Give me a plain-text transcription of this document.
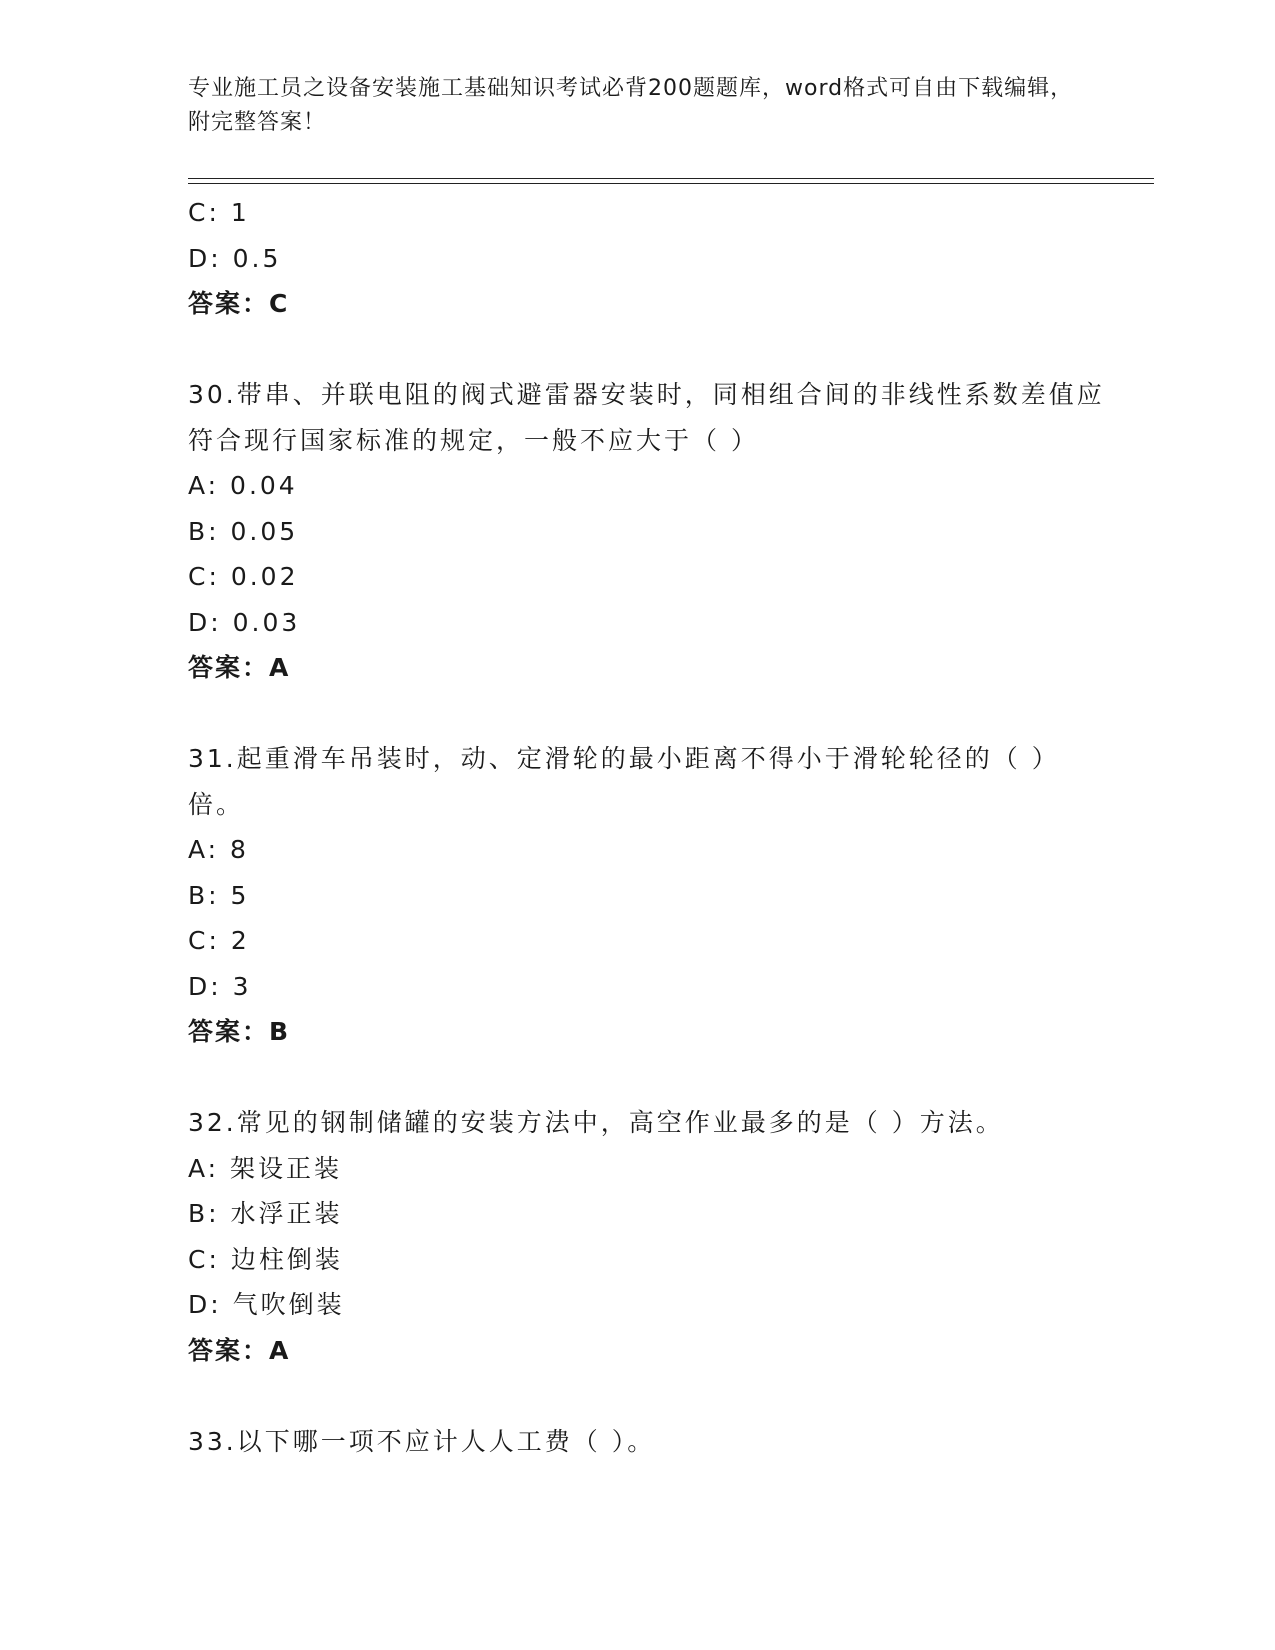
专业施工员之设备安装施工基础知识考试必背200题题库，word格式可自由下载编辑，附完整答案！
C: 1
D: 0.5
答案：C
30.带串、并联电阻的阀式避雷器安装时，同相组合间的非线性系数差值应符合现行国家标准的规定，一般不应大于（ ）
A: 0.04
B: 0.05
C: 0.02
D: 0.03
答案：A
31.起重滑车吊装时，动、定滑轮的最小距离不得小于滑轮轮径的（ ）倍。
A: 8
B: 5
C: 2
D: 3
答案：B
32.常见的钢制储罐的安装方法中，高空作业最多的是（ ）方法。
A: 架设正装
B: 水浮正装
C: 边柱倒装
D: 气吹倒装
答案：A
33.以下哪一项不应计人人工费（ ）。
